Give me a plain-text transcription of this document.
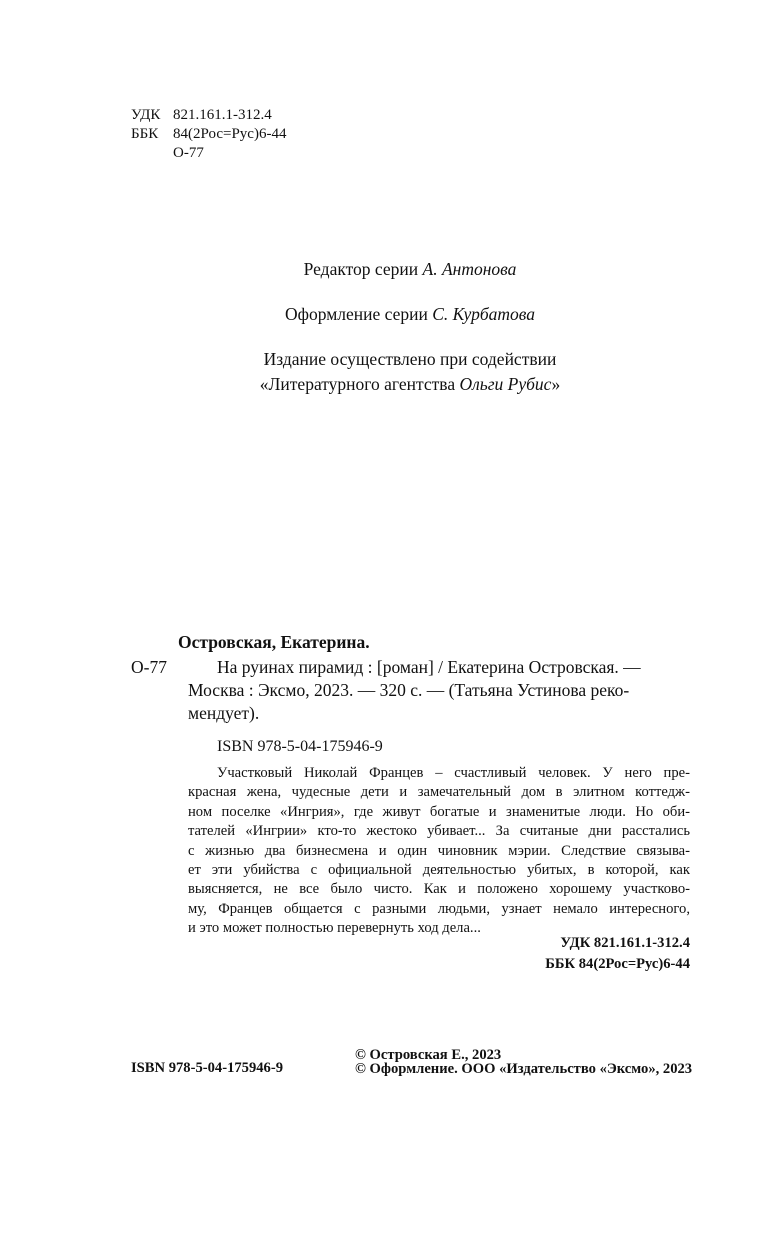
УДК 821.161.1-312.4
ББК 84(2Рос=Рус)6-44
О-77
Редактор серии А. Антонова
Оформление серии С. Курбатова
Издание осуществлено при содействии
«Литературного агентства Ольги Рубис»
Островская, Екатерина.
О-77	На руинах пирамид : [роман] / Екатерина Островская. —
Москва : Эксмо, 2023. — 320 с. — (Татьяна Устинова реко-
мендует).
ISBN 978-5-04-175946-9
Участковый Николай Францев – счастливый человек. У него пре-
красная жена, чудесные дети и замечательный дом в элитном коттедж-
ном поселке «Ингрия», где живут богатые и знаменитые люди. Но оби-
тателей «Ингрии» кто-то жестоко убивает... За считаные дни расстались
с жизнью два бизнесмена и один чиновник мэрии. Следствие связыва-
ет эти убийства с официальной деятельностью убитых, в которой, как
выясняется, не все было чисто. Как и положено хорошему участково-
му, Францев общается с разными людьми, узнает немало интересного,
и это может полностью перевернуть ход дела...
УДК 821.161.1-312.4
ББК 84(2Рос=Рус)6-44
ISBN 978-5-04-175946-9
© Островская Е., 2023
© Оформление. ООО «Издательство «Эксмо», 2023
